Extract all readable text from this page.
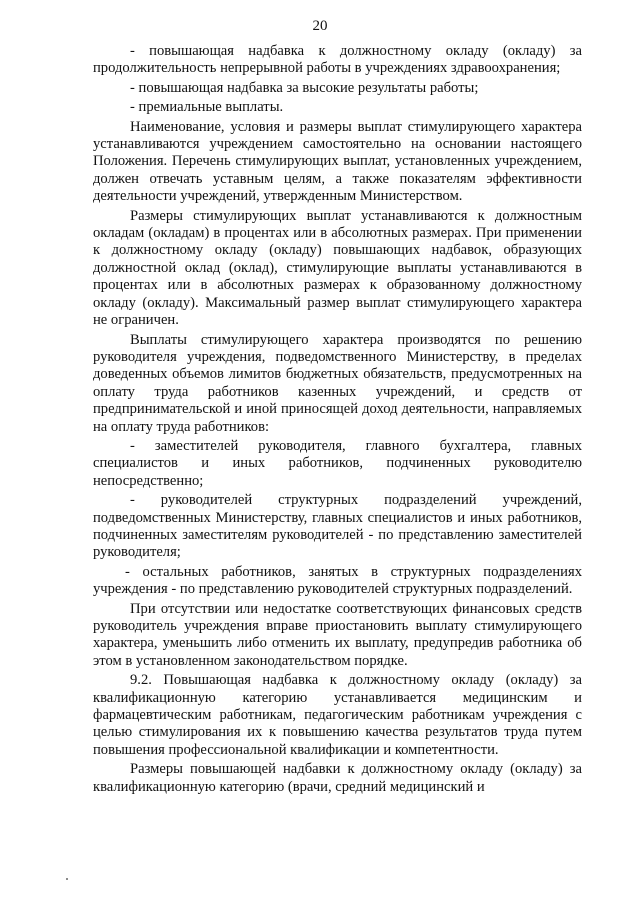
20

- повышающая надбавка к должностному окладу (окладу) за продолжительность непрерывной работы в учреждениях здравоохранения;

- повышающая надбавка за высокие результаты работы;

- премиальные выплаты.

Наименование, условия и размеры выплат стимулирующего характера устанавливаются учреждением самостоятельно на основании настоящего Положения. Перечень стимулирующих выплат, установленных учреждением, должен отвечать уставным целям, а также показателям эффективности деятельности учреждений, утвержденным Министерством.

Размеры стимулирующих выплат устанавливаются к должностным окладам (окладам) в процентах или в абсолютных размерах. При применении к должностному окладу (окладу) повышающих надбавок, образующих должностной оклад (оклад), стимулирующие выплаты устанавливаются в процентах или в абсолютных размерах к образованному должностному окладу (окладу). Максимальный размер выплат стимулирующего характера не ограничен.

Выплаты стимулирующего характера производятся по решению руководителя учреждения, подведомственного Министерству, в пределах доведенных объемов лимитов бюджетных обязательств, предусмотренных на оплату труда работников казенных учреждений, и средств от предпринимательской и иной приносящей доход деятельности, направляемых на оплату труда работников:

- заместителей руководителя, главного бухгалтера, главных специалистов и иных работников, подчиненных руководителю непосредственно;

- руководителей структурных подразделений учреждений, подведомственных Министерству, главных специалистов и иных работников, подчиненных заместителям руководителей - по представлению заместителей руководителя;

- остальных работников, занятых в структурных подразделениях учреждения - по представлению руководителей структурных подразделений.

При отсутствии или недостатке соответствующих финансовых средств руководитель учреждения вправе приостановить выплату стимулирующего характера, уменьшить либо отменить их выплату, предупредив работника об этом в установленном законодательством порядке.

9.2. Повышающая надбавка к должностному окладу (окладу) за квалификационную категорию устанавливается медицинским и фармацевтическим работникам, педагогическим работникам учреждения с целью стимулирования их к повышению качества результатов труда путем повышения профессиональной квалификации и компетентности.

Размеры повышающей надбавки к должностному окладу (окладу) за квалификационную категорию (врачи, средний медицинский и
